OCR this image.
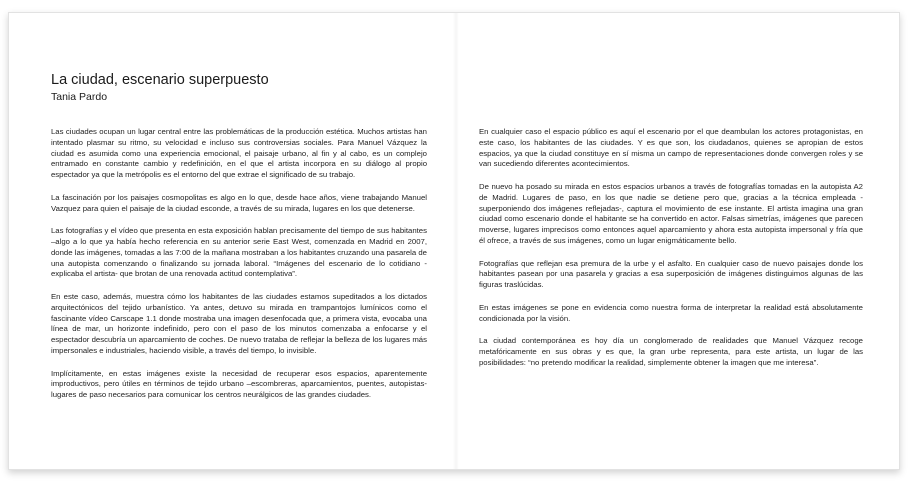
La ciudad, escenario superpuesto
Tania Pardo

Las ciudades ocupan un lugar central entre las problemáticas de la producción estética. Muchos artistas han intentado plasmar su ritmo, su velocidad e incluso sus controversias sociales. Para Manuel Vázquez la ciudad es asumida como una experiencia emocional, el paisaje urbano, al fin y al cabo, es un complejo entramado en constante cambio y redefinición, en el que el artista incorpora en su diálogo al propio espectador ya que la metrópolis es el entorno del que extrae el significado de su trabajo.

La fascinación por los paisajes cosmopolitas es algo en lo que, desde hace años, viene trabajando Manuel Vazquez para quien el paisaje de la ciudad esconde, a través de su mirada, lugares en los que detenerse.

Las fotografías y el vídeo que presenta en esta exposición hablan precisamente del tiempo de sus habitantes –algo a lo que ya había hecho referencia en su anterior serie East West, comenzada en Madrid en 2007, donde las imágenes, tomadas a las 7:00 de la mañana mostraban a los habitantes cruzando una pasarela de una autopista comenzando o finalizando su jornada laboral. “Imágenes del escenario de lo cotidiano -explicaba el artista- que brotan de una renovada actitud contemplativa”.

En este caso, además, muestra cómo los habitantes de las ciudades estamos supeditados a los dictados arquitectónicos del tejido urbanístico. Ya antes, detuvo su mirada en trampantojos lumínicos como el fascinante vídeo Carscape 1.1 donde mostraba una imagen desenfocada que, a primera vista, evocaba una línea de mar, un horizonte indefinido, pero con el paso de los minutos comenzaba a enfocarse y el espectador descubría un aparcamiento de coches. De nuevo trataba de reflejar la belleza de los lugares más impersonales e industriales, haciendo visible, a través del tiempo, lo invisible.

Implícitamente, en estas imágenes existe la necesidad de recuperar esos espacios, aparentemente improductivos, pero útiles en términos de tejido urbano –escombreras, aparcamientos, puentes, autopistas- lugares de paso necesarios para comunicar los centros neurálgicos de las grandes ciudades.

En cualquier caso el espacio público es aquí el escenario por el que deambulan los actores protagonistas, en este caso, los habitantes de las ciudades. Y es que son, los ciudadanos, quienes se apropian de estos espacios, ya que la ciudad constituye en sí misma un campo de representaciones donde convergen roles y se van sucediendo diferentes acontecimientos.

De nuevo ha posado su mirada en estos espacios urbanos a través de fotografías tomadas en la autopista A2 de Madrid. Lugares de paso, en los que nadie se detiene pero que, gracias a la técnica empleada - superponiendo dos imágenes reflejadas-, captura el movimiento de ese instante. El artista imagina una gran ciudad como escenario donde el habitante se ha convertido en actor. Falsas simetrías, imágenes que parecen moverse, lugares imprecisos como entonces aquel aparcamiento y ahora esta autopista impersonal y fría que él ofrece, a través de sus imágenes, como un lugar enigmáticamente bello.

Fotografías que reflejan esa premura de la urbe y el asfalto. En cualquier caso de nuevo paisajes donde los habitantes pasean por una pasarela y gracias a esa superposición de imágenes distinguimos algunas de las figuras traslúcidas.

En estas imágenes se pone en evidencia como nuestra forma de interpretar la realidad está absolutamente condicionada por la visión.

La ciudad contemporánea es hoy día un conglomerado de realidades que Manuel Vázquez recoge metafóricamente en sus obras y es que, la gran urbe representa, para este artista, un lugar de las posibilidades: “no pretendo modificar la realidad, simplemente obtener la imagen que me interesa”.
